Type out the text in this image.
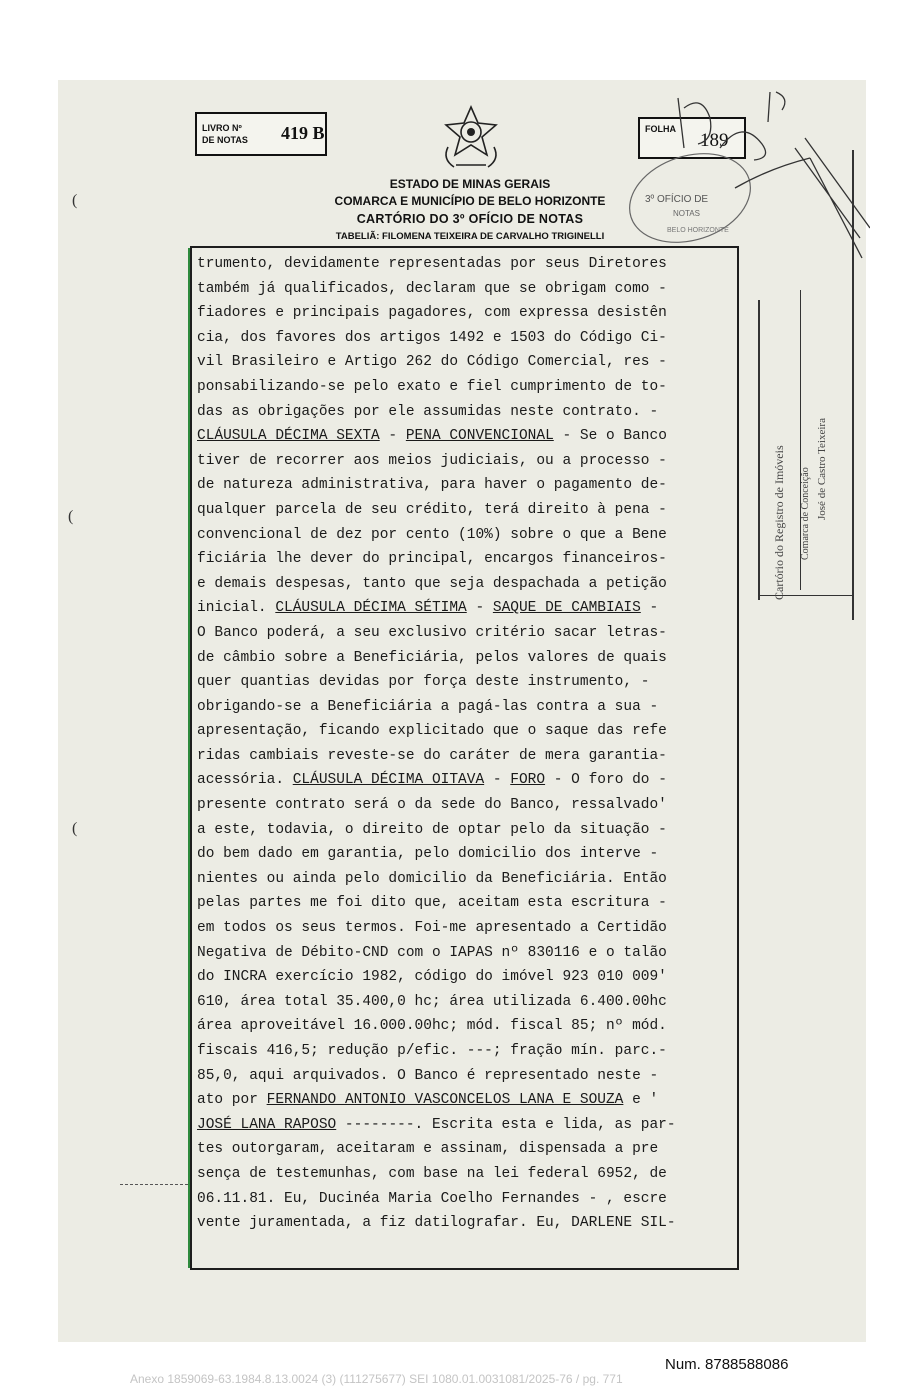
LIVRO Nº
DE NOTAS 419 B	FOLHA
189
ESTADO DE MINAS GERAIS
COMARCA E MUNICÍPIO DE BELO HORIZONTE
CARTÓRIO DO 3º OFÍCIO DE NOTAS
TABELIÃ: FILOMENA TEIXEIRA DE CARVALHO TRIGINELLI
3º OFÍCIO DE
NOTAS
BELO HORIZONTE
Cartório do Registro de Imóveis Comarca de Conceição José de Castro Teixeira
(
(
(
trumento, devidamente representadas por seus Diretores
também já qualificados, declaram que se obrigam como -
fiadores e principais pagadores, com expressa desistên
cia, dos favores dos artigos 1492 e 1503 do Código Ci-
vil Brasileiro e Artigo 262 do Código Comercial, res -
ponsabilizando-se pelo exato e fiel cumprimento de to-
das as obrigações por ele assumidas neste contrato. -
CLÁUSULA DÉCIMA SEXTA - PENA CONVENCIONAL - Se o Banco
tiver de recorrer aos meios judiciais, ou a processo -
de natureza administrativa, para haver o pagamento de-
qualquer parcela de seu crédito, terá direito à pena -
convencional de dez por cento (10%) sobre o que a Bene
ficiária lhe dever do principal, encargos financeiros-
e demais despesas, tanto que seja despachada a petição
inicial. CLÁUSULA DÉCIMA SÉTIMA - SAQUE DE CAMBIAIS -
O Banco poderá, a seu exclusivo critério sacar letras-
de câmbio sobre a Beneficiária, pelos valores de quais
quer quantias devidas por força deste instrumento, -
obrigando-se a Beneficiária a pagá-las contra a sua -
apresentação, ficando explicitado que o saque das refe
ridas cambiais reveste-se do caráter de mera garantia-
acessória. CLÁUSULA DÉCIMA OITAVA - FORO - O foro do -
presente contrato será o da sede do Banco, ressalvado'
a este, todavia, o direito de optar pelo da situação -
do bem dado em garantia, pelo domicilio dos interve -
nientes ou ainda pelo domicilio da Beneficiária. Então
pelas partes me foi dito que, aceitam esta escritura -
em todos os seus termos. Foi-me apresentado a Certidão
Negativa de Débito-CND com o IAPAS nº 830116 e o talão
do INCRA exercício 1982, código do imóvel 923 010 009'
610, área total 35.400,0 hc; área utilizada 6.400.00hc
área aproveitável 16.000.00hc; mód. fiscal 85; nº mód.
fiscais 416,5; redução p/efic. ---; fração mín. parc.-
85,0, aqui arquivados. O Banco é representado neste -
ato por FERNANDO ANTONIO VASCONCELOS LANA E SOUZA e '
JOSÉ LANA RAPOSO --------. Escrita esta e lida, as par-
tes outorgaram, aceitaram e assinam, dispensada a pre
sença de testemunhas, com base na lei federal 6952, de
06.11.81. Eu, Ducinéa Maria Coelho Fernandes - , escre
vente juramentada, a fiz datilografar. Eu, DARLENE SIL-
Num. 8788588086
Anexo 1859069-63.1984.8.13.0024 (3) (111275677) SEI 1080.01.0031081/2025-76 / pg. 771
